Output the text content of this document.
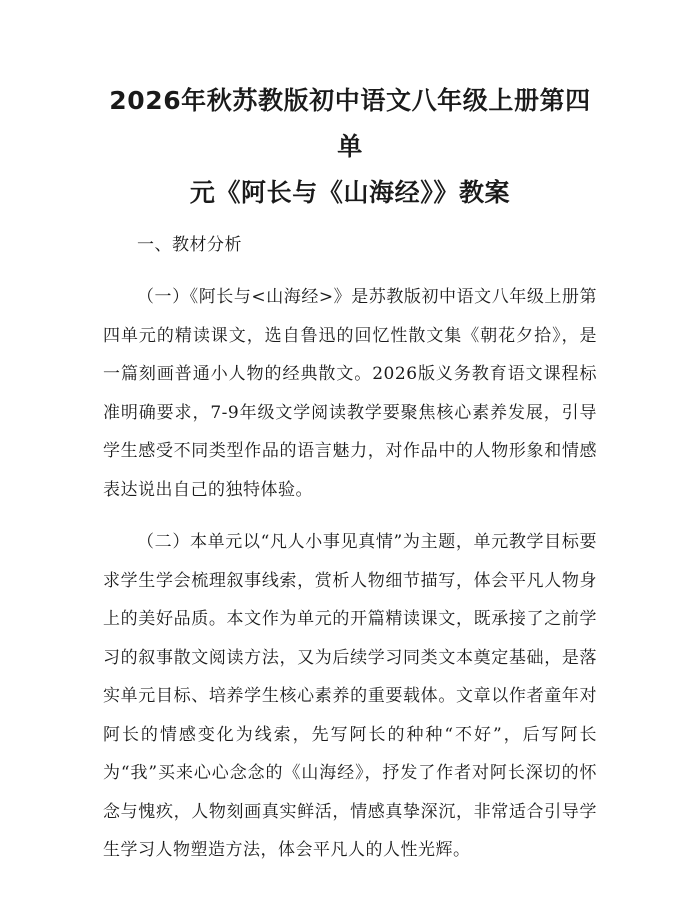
2026年秋苏教版初中语文八年级上册第四单
元《阿长与《山海经》》教案

一、教材分析

（一）《阿长与<山海经>》是苏教版初中语文八年级上册第四单元的精读课文，选自鲁迅的回忆性散文集《朝花夕拾》，是一篇刻画普通小人物的经典散文。2026版义务教育语文课程标准明确要求，7-9年级文学阅读教学要聚焦核心素养发展，引导学生感受不同类型作品的语言魅力，对作品中的人物形象和情感表达说出自己的独特体验。

（二）本单元以“凡人小事见真情”为主题，单元教学目标要求学生学会梳理叙事线索，赏析人物细节描写，体会平凡人物身上的美好品质。本文作为单元的开篇精读课文，既承接了之前学习的叙事散文阅读方法，又为后续学习同类文本奠定基础，是落实单元目标、培养学生核心素养的重要载体。文章以作者童年对阿长的情感变化为线索，先写阿长的种种“不好”，后写阿长为“我”买来心心念念的《山海经》，抒发了作者对阿长深切的怀念与愧疚，人物刻画真实鲜活，情感真挚深沉，非常适合引导学生学习人物塑造方法，体会平凡人的人性光辉。
